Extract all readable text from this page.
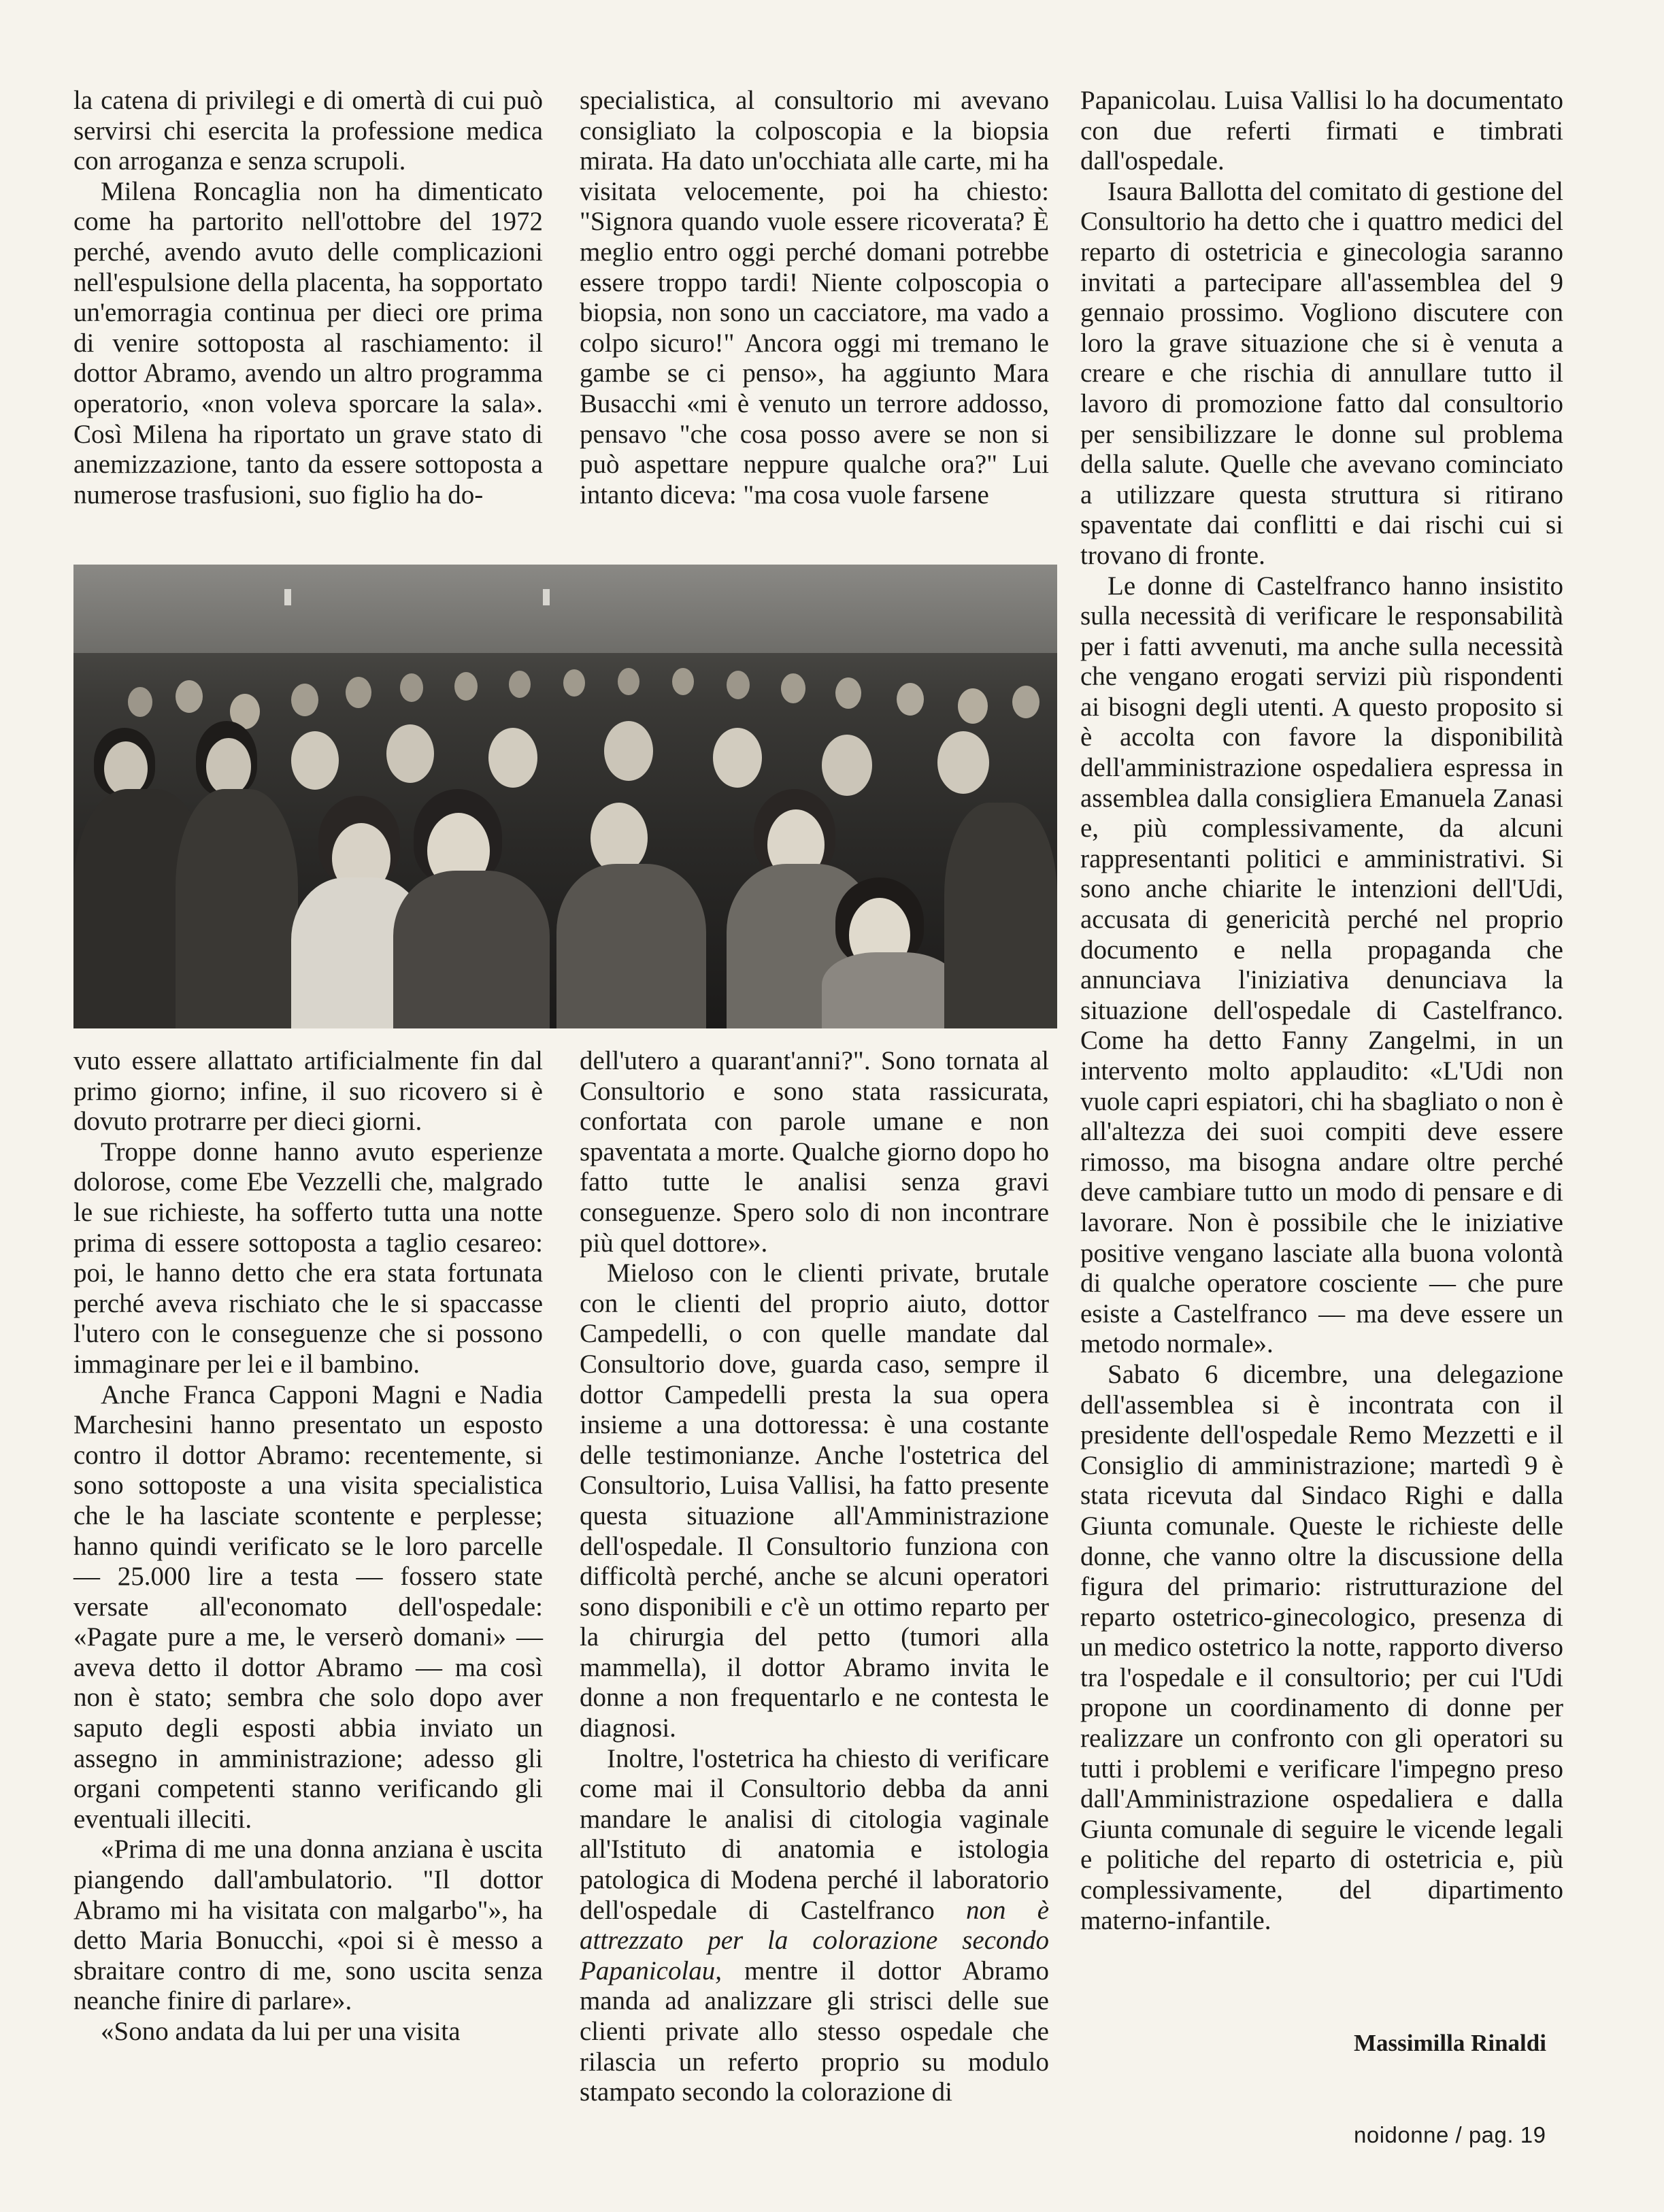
la catena di privilegi e di omertà di cui può servirsi chi esercita la professione medica con arroganza e senza scrupoli.

Milena Roncaglia non ha dimenticato come ha partorito nell'ottobre del 1972 perché, avendo avuto delle complicazioni nell'espulsione della placenta, ha sopportato un'emorragia continua per dieci ore prima di venire sottoposta al raschiamento: il dottor Abramo, avendo un altro programma operatorio, «non voleva sporcare la sala». Così Milena ha riportato un grave stato di anemizzazione, tanto da essere sottoposta a numerose trasfusioni, suo figlio ha do-

specialistica, al consultorio mi avevano consigliato la colposcopia e la biopsia mirata. Ha dato un'occhiata alle carte, mi ha visitata velocemente, poi ha chiesto: "Signora quando vuole essere ricoverata? È meglio entro oggi perché domani potrebbe essere troppo tardi! Niente colposcopia o biopsia, non sono un cacciatore, ma vado a colpo sicuro!" Ancora oggi mi tremano le gambe se ci penso», ha aggiunto Mara Busacchi «mi è venuto un terrore addosso, pensavo "che cosa posso avere se non si può aspettare neppure qualche ora?" Lui intanto diceva: "ma cosa vuole farsene

vuto essere allattato artificialmente fin dal primo giorno; infine, il suo ricovero si è dovuto protrarre per dieci giorni.

Troppe donne hanno avuto esperienze dolorose, come Ebe Vezzelli che, malgrado le sue richieste, ha sofferto tutta una notte prima di essere sottoposta a taglio cesareo: poi, le hanno detto che era stata fortunata perché aveva rischiato che le si spaccasse l'utero con le conseguenze che si possono immaginare per lei e il bambino.

Anche Franca Capponi Magni e Nadia Marchesini hanno presentato un esposto contro il dottor Abramo: recentemente, si sono sottoposte a una visita specialistica che le ha lasciate scontente e perplesse; hanno quindi verificato se le loro parcelle — 25.000 lire a testa — fossero state versate all'economato dell'ospedale: «Pagate pure a me, le verserò domani» — aveva detto il dottor Abramo — ma così non è stato; sembra che solo dopo aver saputo degli esposti abbia inviato un assegno in amministrazione; adesso gli organi competenti stanno verificando gli eventuali illeciti.

«Prima di me una donna anziana è uscita piangendo dall'ambulatorio. "Il dottor Abramo mi ha visitata con malgarbo"», ha detto Maria Bonucchi, «poi si è messo a sbraitare contro di me, sono uscita senza neanche finire di parlare».

«Sono andata da lui per una visita

dell'utero a quarant'anni?". Sono tornata al Consultorio e sono stata rassicurata, confortata con parole umane e non spaventata a morte. Qualche giorno dopo ho fatto tutte le analisi senza gravi conseguenze. Spero solo di non incontrare più quel dottore».

Mieloso con le clienti private, brutale con le clienti del proprio aiuto, dottor Campedelli, o con quelle mandate dal Consultorio dove, guarda caso, sempre il dottor Campedelli presta la sua opera insieme a una dottoressa: è una costante delle testimonianze. Anche l'ostetrica del Consultorio, Luisa Vallisi, ha fatto presente questa situazione all'Amministrazione dell'ospedale. Il Consultorio funziona con difficoltà perché, anche se alcuni operatori sono disponibili e c'è un ottimo reparto per la chirurgia del petto (tumori alla mammella), il dottor Abramo invita le donne a non frequentarlo e ne contesta le diagnosi.

Inoltre, l'ostetrica ha chiesto di verificare come mai il Consultorio debba da anni mandare le analisi di citologia vaginale all'Istituto di anatomia e istologia patologica di Modena perché il laboratorio dell'ospedale di Castelfranco non è attrezzato per la colorazione secondo Papanicolau, mentre il dottor Abramo manda ad analizzare gli strisci delle sue clienti private allo stesso ospedale che rilascia un referto proprio su modulo stampato secondo la colorazione di

Papanicolau. Luisa Vallisi lo ha documentato con due referti firmati e timbrati dall'ospedale.

Isaura Ballotta del comitato di gestione del Consultorio ha detto che i quattro medici del reparto di ostetricia e ginecologia saranno invitati a partecipare all'assemblea del 9 gennaio prossimo. Vogliono discutere con loro la grave situazione che si è venuta a creare e che rischia di annullare tutto il lavoro di promozione fatto dal consultorio per sensibilizzare le donne sul problema della salute. Quelle che avevano cominciato a utilizzare questa struttura si ritirano spaventate dai conflitti e dai rischi cui si trovano di fronte.

Le donne di Castelfranco hanno insistito sulla necessità di verificare le responsabilità per i fatti avvenuti, ma anche sulla necessità che vengano erogati servizi più rispondenti ai bisogni degli utenti. A questo proposito si è accolta con favore la disponibilità dell'amministrazione ospedaliera espressa in assemblea dalla consigliera Emanuela Zanasi e, più complessivamente, da alcuni rappresentanti politici e amministrativi. Si sono anche chiarite le intenzioni dell'Udi, accusata di genericità perché nel proprio documento e nella propaganda che annunciava l'iniziativa denunciava la situazione dell'ospedale di Castelfranco. Come ha detto Fanny Zangelmi, in un intervento molto applaudito: «L'Udi non vuole capri espiatori, chi ha sbagliato o non è all'altezza dei suoi compiti deve essere rimosso, ma bisogna andare oltre perché deve cambiare tutto un modo di pensare e di lavorare. Non è possibile che le iniziative positive vengano lasciate alla buona volontà di qualche operatore cosciente — che pure esiste a Castelfranco — ma deve essere un metodo normale».

Sabato 6 dicembre, una delegazione dell'assemblea si è incontrata con il presidente dell'ospedale Remo Mezzetti e il Consiglio di amministrazione; martedì 9 è stata ricevuta dal Sindaco Righi e dalla Giunta comunale. Queste le richieste delle donne, che vanno oltre la discussione della figura del primario: ristrutturazione del reparto ostetrico-ginecologico, presenza di un medico ostetrico la notte, rapporto diverso tra l'ospedale e il consultorio; per cui l'Udi propone un coordinamento di donne per realizzare un confronto con gli operatori su tutti i problemi e verificare l'impegno preso dall'Amministrazione ospedaliera e dalla Giunta comunale di seguire le vicende legali e politiche del reparto di ostetricia e, più complessivamente, del dipartimento materno-infantile.

Massimilla Rinaldi
noidonne / pag. 19
